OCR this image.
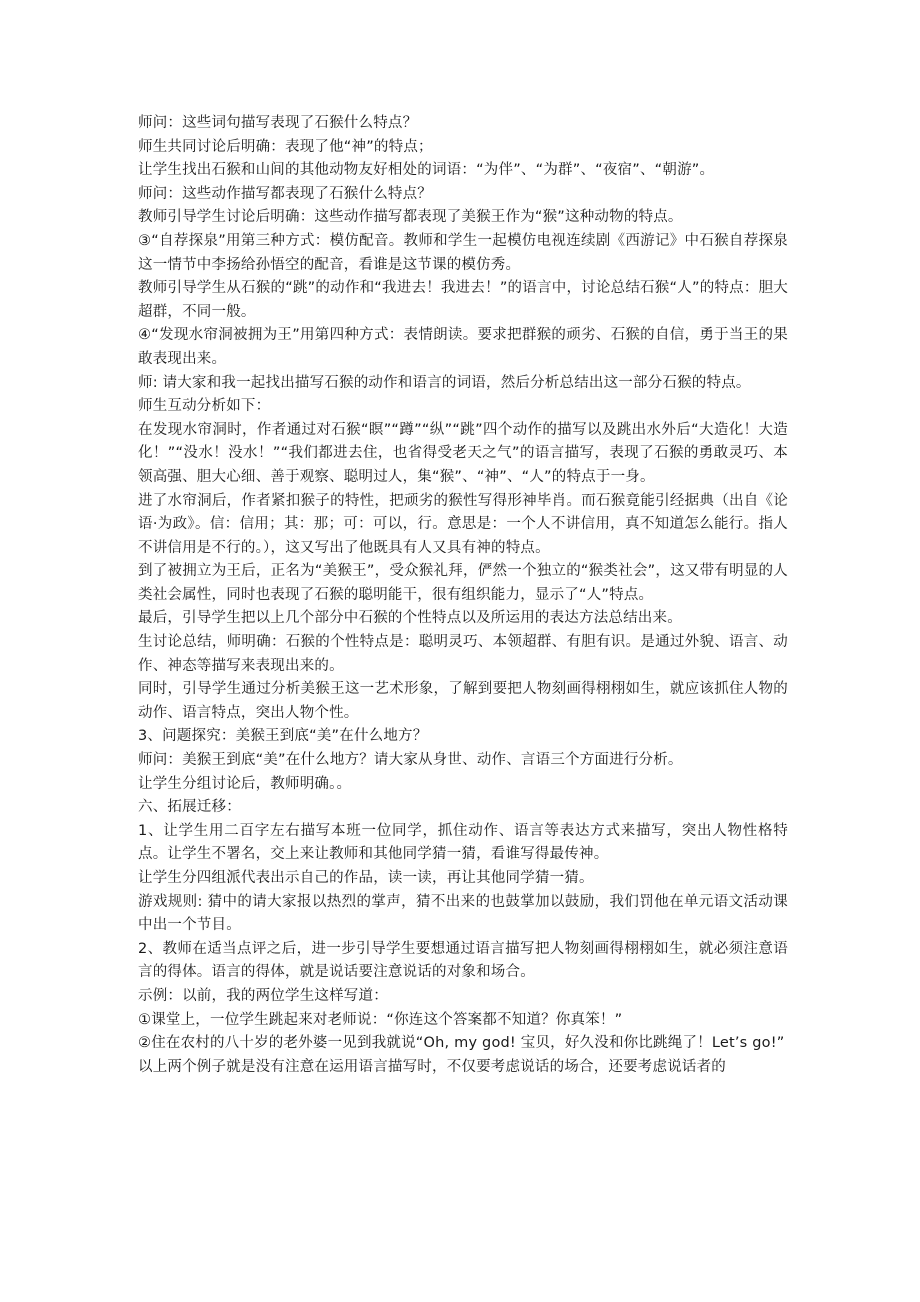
师问：这些词句描写表现了石猴什么特点？

师生共同讨论后明确：表现了他“神”的特点；

让学生找出石猴和山间的其他动物友好相处的词语：“为伴”、“为群”、“夜宿”、“朝游”。

师问：这些动作描写都表现了石猴什么特点？

教师引导学生讨论后明确：这些动作描写都表现了美猴王作为“猴”这种动物的特点。

③“自荐探泉”用第三种方式：模仿配音。教师和学生一起模仿电视连续剧《西游记》中石猴自荐探泉这一情节中李扬给孙悟空的配音，看谁是这节课的模仿秀。

教师引导学生从石猴的“跳”的动作和“我进去！我进去！”的语言中，讨论总结石猴“人”的特点：胆大超群，不同一般。

④“发现水帘洞被拥为王”用第四种方式：表情朗读。要求把群猴的顽劣、石猴的自信，勇于当王的果敢表现出来。

师: 请大家和我一起找出描写石猴的动作和语言的词语，然后分析总结出这一部分石猴的特点。

师生互动分析如下：

在发现水帘洞时，作者通过对石猴“瞑”“蹲”“纵”“跳”四个动作的描写以及跳出水外后“大造化！大造化！”“没水！没水！”“我们都进去住，也省得受老天之气”的语言描写，表现了石猴的勇敢灵巧、本领高强、胆大心细、善于观察、聪明过人，集“猴”、“神”、“人”的特点于一身。

进了水帘洞后，作者紧扣猴子的特性，把顽劣的猴性写得形神毕肖。而石猴竟能引经据典（出自《论语·为政》。信：信用；其：那；可：可以，行。意思是：一个人不讲信用，真不知道怎么能行。指人不讲信用是不行的。），这又写出了他既具有人又具有神的特点。

到了被拥立为王后，正名为“美猴王”，受众猴礼拜，俨然一个独立的“猴类社会”，这又带有明显的人类社会属性，同时也表现了石猴的聪明能干，很有组织能力，显示了“人”特点。

最后，引导学生把以上几个部分中石猴的个性特点以及所运用的表达方法总结出来。

生讨论总结，师明确：石猴的个性特点是：聪明灵巧、本领超群、有胆有识。是通过外貌、语言、动作、神态等描写来表现出来的。

同时，引导学生通过分析美猴王这一艺术形象，了解到要把人物刻画得栩栩如生，就应该抓住人物的动作、语言特点，突出人物个性。

3、问题探究：美猴王到底“美”在什么地方？

师问：美猴王到底“美”在什么地方？请大家从身世、动作、言语三个方面进行分析。

让学生分组讨论后，教师明确。。

六、拓展迁移：

1、让学生用二百字左右描写本班一位同学，抓住动作、语言等表达方式来描写，突出人物性格特点。让学生不署名，交上来让教师和其他同学猜一猜，看谁写得最传神。

让学生分四组派代表出示自己的作品，读一读，再让其他同学猜一猜。

游戏规则: 猜中的请大家报以热烈的掌声，猜不出来的也鼓掌加以鼓励，我们罚他在单元语文活动课中出一个节目。

2、教师在适当点评之后，进一步引导学生要想通过语言描写把人物刻画得栩栩如生，就必须注意语言的得体。语言的得体，就是说话要注意说话的对象和场合。

示例：以前，我的两位学生这样写道：

①课堂上，一位学生跳起来对老师说：“你连这个答案都不知道？你真笨！”

②住在农村的八十岁的老外婆一见到我就说“Oh, my god! 宝贝，好久没和你比跳绳了！Let’s go!”

以上两个例子就是没有注意在运用语言描写时，不仅要考虑说话的场合，还要考虑说话者的
